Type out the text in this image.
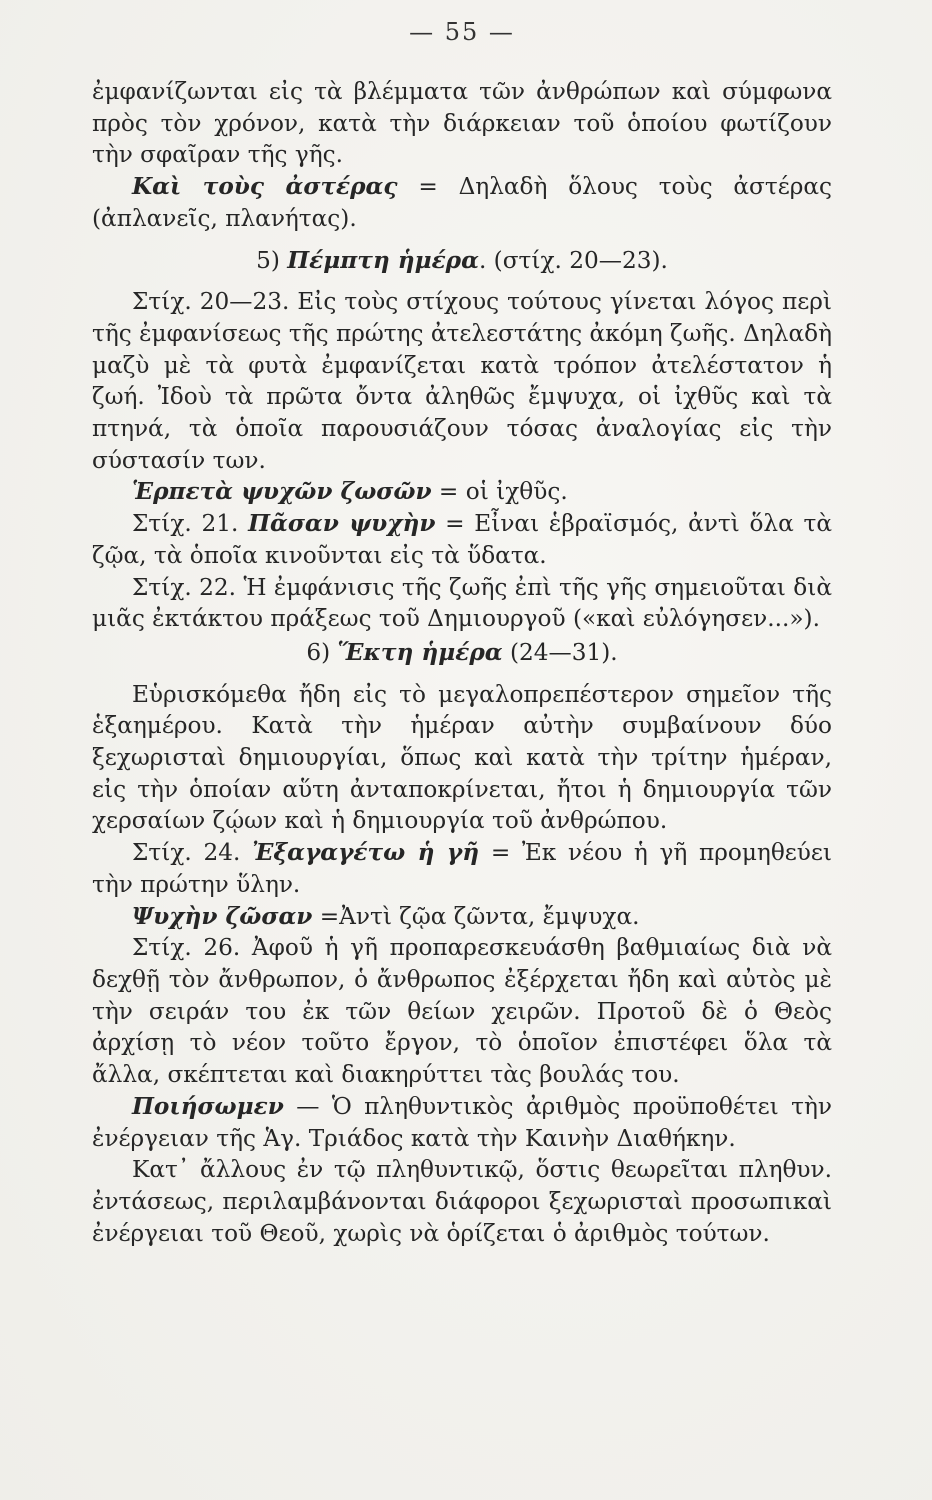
— 55 —

ἐμφανίζωνται εἰς τὰ βλέμματα τῶν ἀνθρώπων καὶ σύμφωνα πρὸς τὸν χρόνον, κατὰ τὴν διάρκειαν τοῦ ὁποίου φωτίζουν τὴν σφαῖραν τῆς γῆς.

Καὶ τοὺς ἀστέρας = Δηλαδὴ ὅλους τοὺς ἀστέρας (ἀπλανεῖς, πλανήτας).

5) Πέμπτη ἡμέρα. (στίχ. 20—23).

Στίχ. 20—23. Εἰς τοὺς στίχους τούτους γίνεται λόγος περὶ τῆς ἐμφανίσεως τῆς πρώτης ἀτελεστάτης ἀκόμη ζωῆς. Δηλαδὴ μαζὺ μὲ τὰ φυτὰ ἐμφανίζεται κατὰ τρόπον ἀτελέστατον ἡ ζωή. Ἰδοὺ τὰ πρῶτα ὄντα ἀληθῶς ἔμψυχα, οἱ ἰχθῦς καὶ τὰ πτηνά, τὰ ὁποῖα παρουσιάζουν τόσας ἀναλογίας εἰς τὴν σύστασίν των.

Ἑρπετὰ ψυχῶν ζωσῶν = οἱ ἰχθῦς.

Στίχ. 21. Πᾶσαν ψυχὴν = Εἶναι ἑβραϊσμός, ἀντὶ ὅλα τὰ ζῷα, τὰ ὁποῖα κινοῦνται εἰς τὰ ὕδατα.

Στίχ. 22. Ἡ ἐμφάνισις τῆς ζωῆς ἐπὶ τῆς γῆς σημειοῦται διὰ μιᾶς ἐκτάκτου πράξεως τοῦ Δημιουργοῦ («καὶ εὐλόγησεν...»).

6) Ἕκτη ἡμέρα (24—31).

Εὑρισκόμεθα ἤδη εἰς τὸ μεγαλοπρεπέστερον σημεῖον τῆς ἑξαημέρου. Κατὰ τὴν ἡμέραν αὐτὴν συμβαίνουν δύο ξεχωρισταὶ δημιουργίαι, ὅπως καὶ κατὰ τὴν τρίτην ἡμέραν, εἰς τὴν ὁποίαν αὕτη ἀνταποκρίνεται, ἤτοι ἡ δημιουργία τῶν χερσαίων ζῴων καὶ ἡ δημιουργία τοῦ ἀνθρώπου.

Στίχ. 24. Ἐξαγαγέτω ἡ γῆ = Ἐκ νέου ἡ γῆ προμηθεύει τὴν πρώτην ὕλην.

Ψυχὴν ζῶσαν =Ἀντὶ ζῷα ζῶντα, ἔμψυχα.

Στίχ. 26. Ἀφοῦ ἡ γῆ προπαρεσκευάσθη βαθμιαίως διὰ νὰ δεχθῇ τὸν ἄνθρωπον, ὁ ἄνθρωπος ἐξέρχεται ἤδη καὶ αὐτὸς μὲ τὴν σειράν του ἐκ τῶν θείων χειρῶν. Προτοῦ δὲ ὁ Θεὸς ἀρχίσῃ τὸ νέον τοῦτο ἔργον, τὸ ὁποῖον ἐπιστέφει ὅλα τὰ ἄλλα, σκέπτεται καὶ διακηρύττει τὰς βουλάς του.

Ποιήσωμεν — Ὁ πληθυντικὸς ἀριθμὸς προϋποθέτει τὴν ἐνέργειαν τῆς Ἁγ. Τριάδος κατὰ τὴν Καινὴν Διαθήκην.

Κατ᾽ ἄλλους ἐν τῷ πληθυντικῷ, ὅστις θεωρεῖται πληθυν. ἐντάσεως, περιλαμβάνονται διάφοροι ξεχωρισταὶ προσωπικαὶ ἐνέργειαι τοῦ Θεοῦ, χωρὶς νὰ ὁρίζεται ὁ ἀριθμὸς τούτων.
